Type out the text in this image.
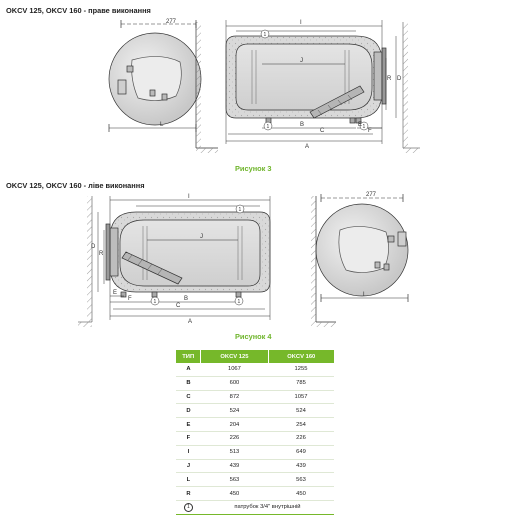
OKCV 125, OKCV 160 - праве виконання
Рисунок 3
OKCV 125, OKCV 160 - ліве виконання
Рисунок 4
277
L
1
1	1
I
J
B
C
A
E
F
R D
1
1	1
I
J
B
C
A
E
F
R
D
277
L
ТИП	OKCV 125	OKCV 160
A	1067	1255
B	600	785
C	872	1057
D	524	524
E	204	254
F	226	226
I	513	649
J	439	439
L	563	563
R	450	450
1	патрубок 3/4" внутрішній	
